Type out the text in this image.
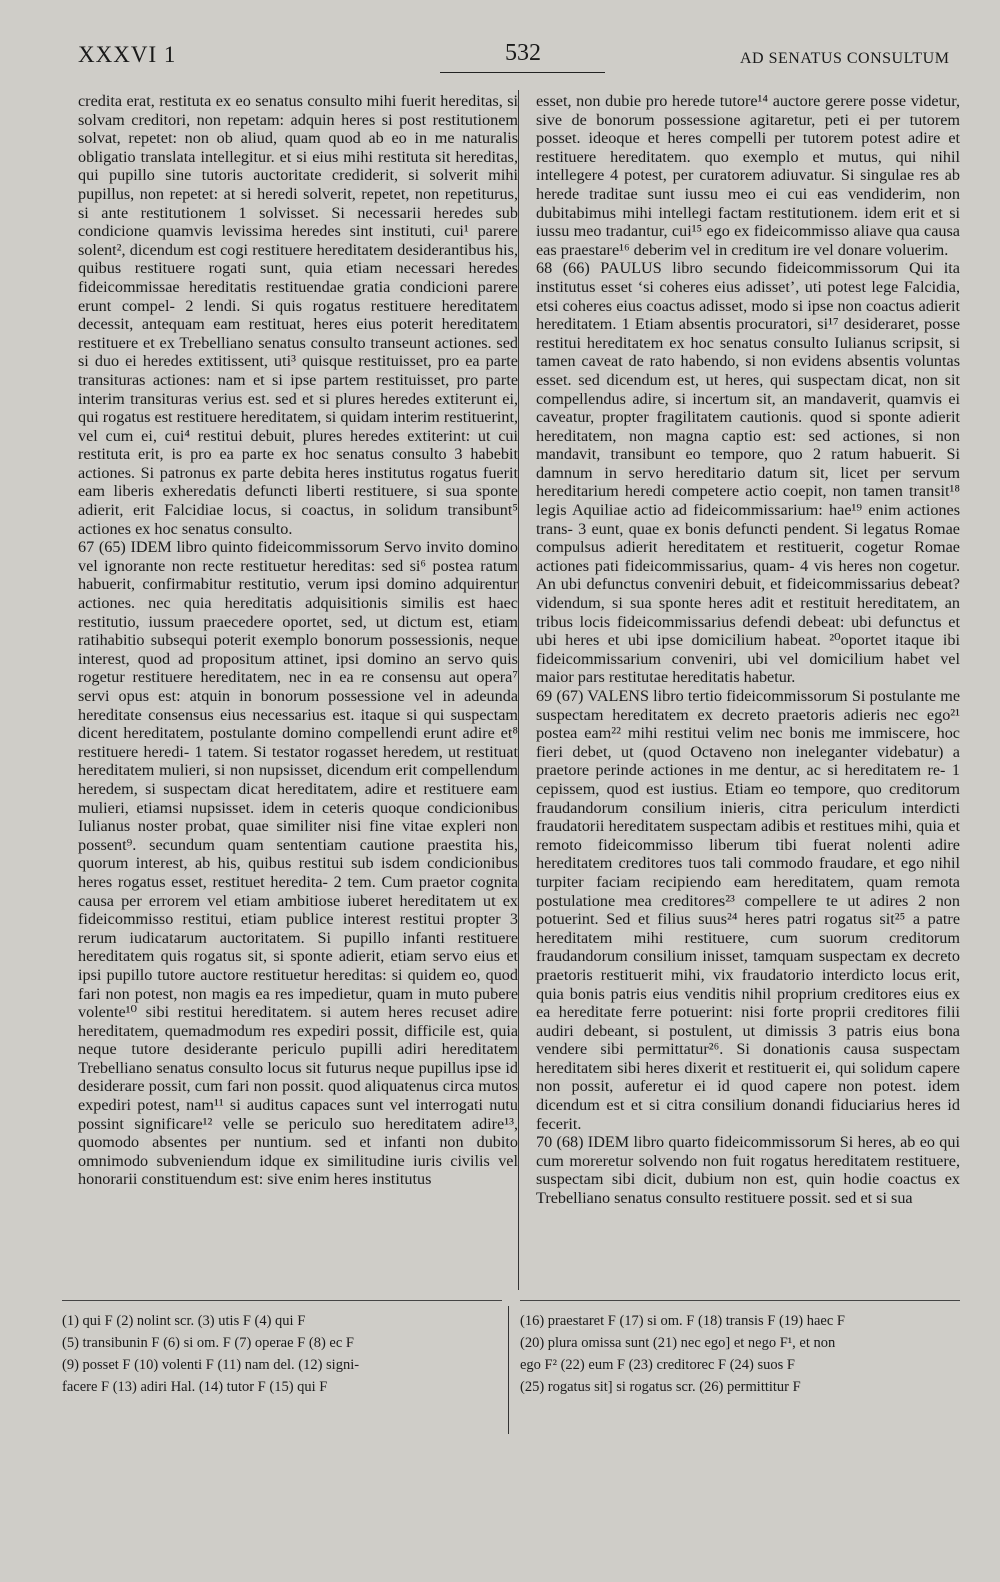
XXXVI 1	532	AD SENATUS CONSULTUM

credita erat, restituta ex eo senatus consulto mihi fuerit hereditas, si solvam creditori, non repetam: adquin heres si post restitutionem solvat, repetet: non ob aliud, quam quod ab eo in me naturalis obligatio translata intellegitur. et si eius mihi restituta sit hereditas, qui pupillo sine tutoris auctoritate crediderit, si solverit mihi pupillus, non repetet: at si heredi solverit, repetet, non repetiturus, si ante restitutionem 1 solvisset. Si necessarii heredes sub condicione quamvis levissima heredes sint instituti, cui¹ parere solent², dicendum est cogi restituere hereditatem desiderantibus his, quibus restituere rogati sunt, quia etiam necessari heredes fideicommissae hereditatis restituendae gratia condicioni parere erunt compel- 2 lendi. Si quis rogatus restituere hereditatem decessit, antequam eam restituat, heres eius poterit hereditatem restituere et ex Trebelliano senatus consulto transeunt actiones. sed si duo ei heredes extitissent, uti³ quisque restituisset, pro ea parte transituras actiones: nam et si ipse partem restituisset, pro parte interim transituras verius est. sed et si plures heredes extiterunt ei, qui rogatus est restituere hereditatem, si quidam interim restituerint, vel cum ei, cui⁴ restitui debuit, plures heredes extiterint: ut cui restituta erit, is pro ea parte ex hoc senatus consulto 3 habebit actiones. Si patronus ex parte debita heres institutus rogatus fuerit eam liberis exheredatis defuncti liberti restituere, si sua sponte adierit, erit Falcidiae locus, si coactus, in solidum transibunt⁵ actiones ex hoc senatus consulto.

67 (65) IDEM libro quinto fideicommissorum Servo invito domino vel ignorante non recte restituetur hereditas: sed si⁶ postea ratum habuerit, confirmabitur restitutio, verum ipsi domino adquirentur actiones. nec quia hereditatis adquisitionis similis est haec restitutio, iussum praecedere oportet, sed, ut dictum est, etiam ratihabitio subsequi poterit exemplo bonorum possessionis, neque interest, quod ad propositum attinet, ipsi domino an servo quis rogetur restituere hereditatem, nec in ea re consensu aut opera⁷ servi opus est: atquin in bonorum possessione vel in adeunda hereditate consensus eius necessarius est. itaque si qui suspectam dicent hereditatem, postulante domino compellendi erunt adire et⁸ restituere heredi- 1 tatem. Si testator rogasset heredem, ut restituat hereditatem mulieri, si non nupsisset, dicendum erit compellendum heredem, si suspectam dicat hereditatem, adire et restituere eam mulieri, etiamsi nupsisset. idem in ceteris quoque condicionibus Iulianus noster probat, quae similiter nisi fine vitae expleri non possent⁹. secundum quam sententiam cautione praestita his, quorum interest, ab his, quibus restitui sub isdem condicionibus heres rogatus esset, restituet heredita- 2 tem. Cum praetor cognita causa per errorem vel etiam ambitiose iuberet hereditatem ut ex fideicommisso restitui, etiam publice interest restitui propter 3 rerum iudicatarum auctoritatem. Si pupillo infanti restituere hereditatem quis rogatus sit, si sponte adierit, etiam servo eius et ipsi pupillo tutore auctore restituetur hereditas: si quidem eo, quod fari non potest, non magis ea res impedietur, quam in muto pubere volente¹⁰ sibi restitui hereditatem. si autem heres recuset adire hereditatem, quemadmodum res expediri possit, difficile est, quia neque tutore desiderante periculo pupilli adiri hereditatem Trebelliano senatus consulto locus sit futurus neque pupillus ipse id desiderare possit, cum fari non possit. quod aliquatenus circa mutos expediri potest, nam¹¹ si auditus capaces sunt vel interrogati nutu possint significare¹² velle se periculo suo hereditatem adire¹³, quomodo absentes per nuntium. sed et infanti non dubito omnimodo subveniendum idque ex similitudine iuris civilis vel honorarii constituendum est: sive enim heres institutus

esset, non dubie pro herede tutore¹⁴ auctore gerere posse videtur, sive de bonorum possessione agitaretur, peti ei per tutorem posset. ideoque et heres compelli per tutorem potest adire et restituere hereditatem. quo exemplo et mutus, qui nihil intellegere 4 potest, per curatorem adiuvatur. Si singulae res ab herede traditae sunt iussu meo ei cui eas vendiderim, non dubitabimus mihi intellegi factam restitutionem. idem erit et si iussu meo tradantur, cui¹⁵ ego ex fideicommisso aliave qua causa eas praestare¹⁶ deberim vel in creditum ire vel donare voluerim.

68 (66) PAULUS libro secundo fideicommissorum Qui ita institutus esset ‘si coheres eius adisset’, uti potest lege Falcidia, etsi coheres eius coactus adisset, modo si ipse non coactus adierit hereditatem. 1 Etiam absentis procuratori, si¹⁷ desideraret, posse restitui hereditatem ex hoc senatus consulto Iulianus scripsit, si tamen caveat de rato habendo, si non evidens absentis voluntas esset. sed dicendum est, ut heres, qui suspectam dicat, non sit compellendus adire, si incertum sit, an mandaverit, quamvis ei caveatur, propter fragilitatem cautionis. quod si sponte adierit hereditatem, non magna captio est: sed actiones, si non mandavit, transibunt eo tempore, quo 2 ratum habuerit. Si damnum in servo hereditario datum sit, licet per servum hereditarium heredi competere actio coepit, non tamen transit¹⁸ legis Aquiliae actio ad fideicommissarium: hae¹⁹ enim actiones trans- 3 eunt, quae ex bonis defuncti pendent. Si legatus Romae compulsus adierit hereditatem et restituerit, cogetur Romae actiones pati fideicommissarius, quam- 4 vis heres non cogetur. An ubi defunctus conveniri debuit, et fideicommissarius debeat? videndum, si sua sponte heres adit et restituit hereditatem, an tribus locis fideicommissarius defendi debeat: ubi defunctus et ubi heres et ubi ipse domicilium habeat. ²⁰oportet itaque ibi fideicommissarium conveniri, ubi vel domicilium habet vel maior pars restitutae hereditatis habetur.

69 (67) VALENS libro tertio fideicommissorum Si postulante me suspectam hereditatem ex decreto praetoris adieris nec ego²¹ postea eam²² mihi restitui velim nec bonis me immiscere, hoc fieri debet, ut (quod Octaveno non ineleganter videbatur) a praetore perinde actiones in me dentur, ac si hereditatem re- 1 cepissem, quod est iustius. Etiam eo tempore, quo creditorum fraudandorum consilium inieris, citra periculum interdicti fraudatorii hereditatem suspectam adibis et restitues mihi, quia et remoto fideicommisso liberum tibi fuerat nolenti adire hereditatem creditores tuos tali commodo fraudare, et ego nihil turpiter faciam recipiendo eam hereditatem, quam remota postulatione mea creditores²³ compellere te ut adires 2 non potuerint. Sed et filius suus²⁴ heres patri rogatus sit²⁵ a patre hereditatem mihi restituere, cum suorum creditorum fraudandorum consilium inisset, tamquam suspectam ex decreto praetoris restituerit mihi, vix fraudatorio interdicto locus erit, quia bonis patris eius venditis nihil proprium creditores eius ex ea hereditate ferre potuerint: nisi forte proprii creditores filii audiri debeant, si postulent, ut dimissis 3 patris eius bona vendere sibi permittatur²⁶. Si donationis causa suspectam hereditatem sibi heres dixerit et restituerit ei, qui solidum capere non possit, auferetur ei id quod capere non potest. idem dicendum est et si citra consilium donandi fiduciarius heres id fecerit.

70 (68) IDEM libro quarto fideicommissorum Si heres, ab eo qui cum moreretur solvendo non fuit rogatus hereditatem restituere, suspectam sibi dicit, dubium non est, quin hodie coactus ex Trebelliano senatus consulto restituere possit. sed et si sua

(1) qui F (2) nolint scr. (3) utis F (4) qui F
(5) transibunin F (6) si om. F (7) operae F (8) ec F
(9) posset F (10) volenti F (11) nam del. (12) signi-
facere F (13) adiri Hal. (14) tutor F (15) qui F
(16) praestaret F (17) si om. F (18) transis F (19) haec F
(20) plura omissa sunt (21) nec ego] et nego F¹, et non
ego F² (22) eum F (23) creditorec F (24) suos F
(25) rogatus sit] si rogatus scr. (26) permittitur F
